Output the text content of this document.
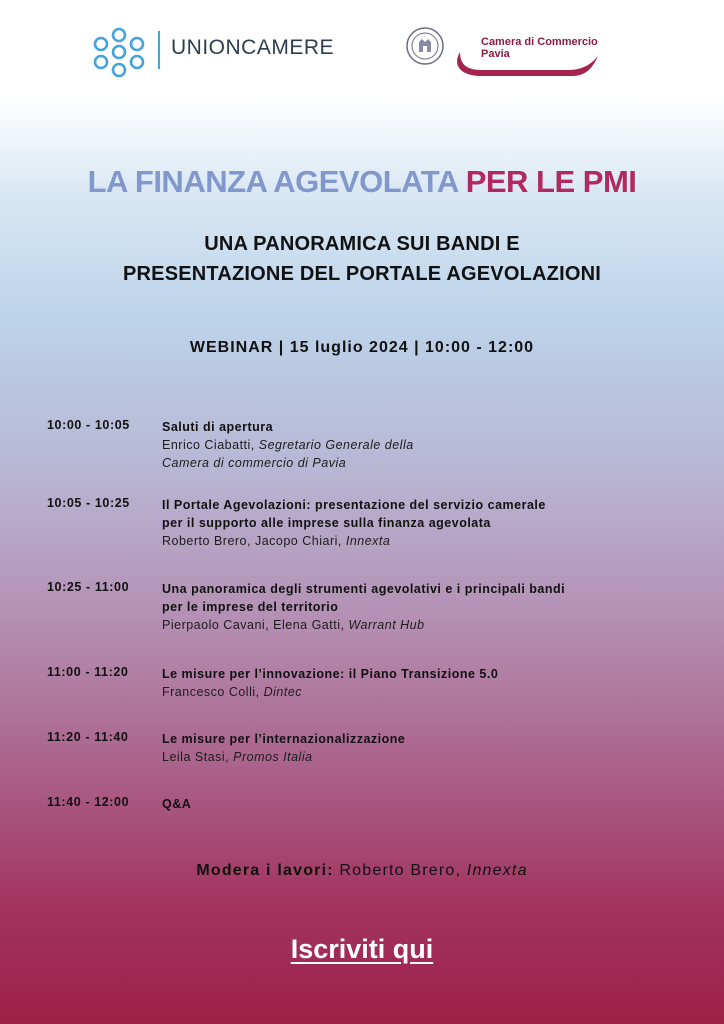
UNIONCAMERE	Camera di Commercio
Pavia
LA FINANZA AGEVOLATA PER LE PMI
UNA PANORAMICA SUI BANDI E
PRESENTAZIONE DEL PORTALE AGEVOLAZIONI
WEBINAR | 15 luglio 2024 | 10:00 - 12:00
10:00 - 10:05	Saluti di apertura
Enrico Ciabatti, Segretario Generale della
Camera di commercio di Pavia
10:05 - 10:25	Il Portale Agevolazioni: presentazione del servizio camerale
per il supporto alle imprese sulla finanza agevolata
Roberto Brero, Jacopo Chiari, Innexta
10:25 - 11:00	Una panoramica degli strumenti agevolativi e i principali bandi
per le imprese del territorio
Pierpaolo Cavani, Elena Gatti, Warrant Hub
11:00 - 11:20	Le misure per l’innovazione: il Piano Transizione 5.0
Francesco Colli, Dintec
11:20 - 11:40	Le misure per l’internazionalizzazione
Leila Stasi, Promos Italia
11:40 - 12:00	Q&A
Modera i lavori: Roberto Brero, Innexta
Iscriviti qui
